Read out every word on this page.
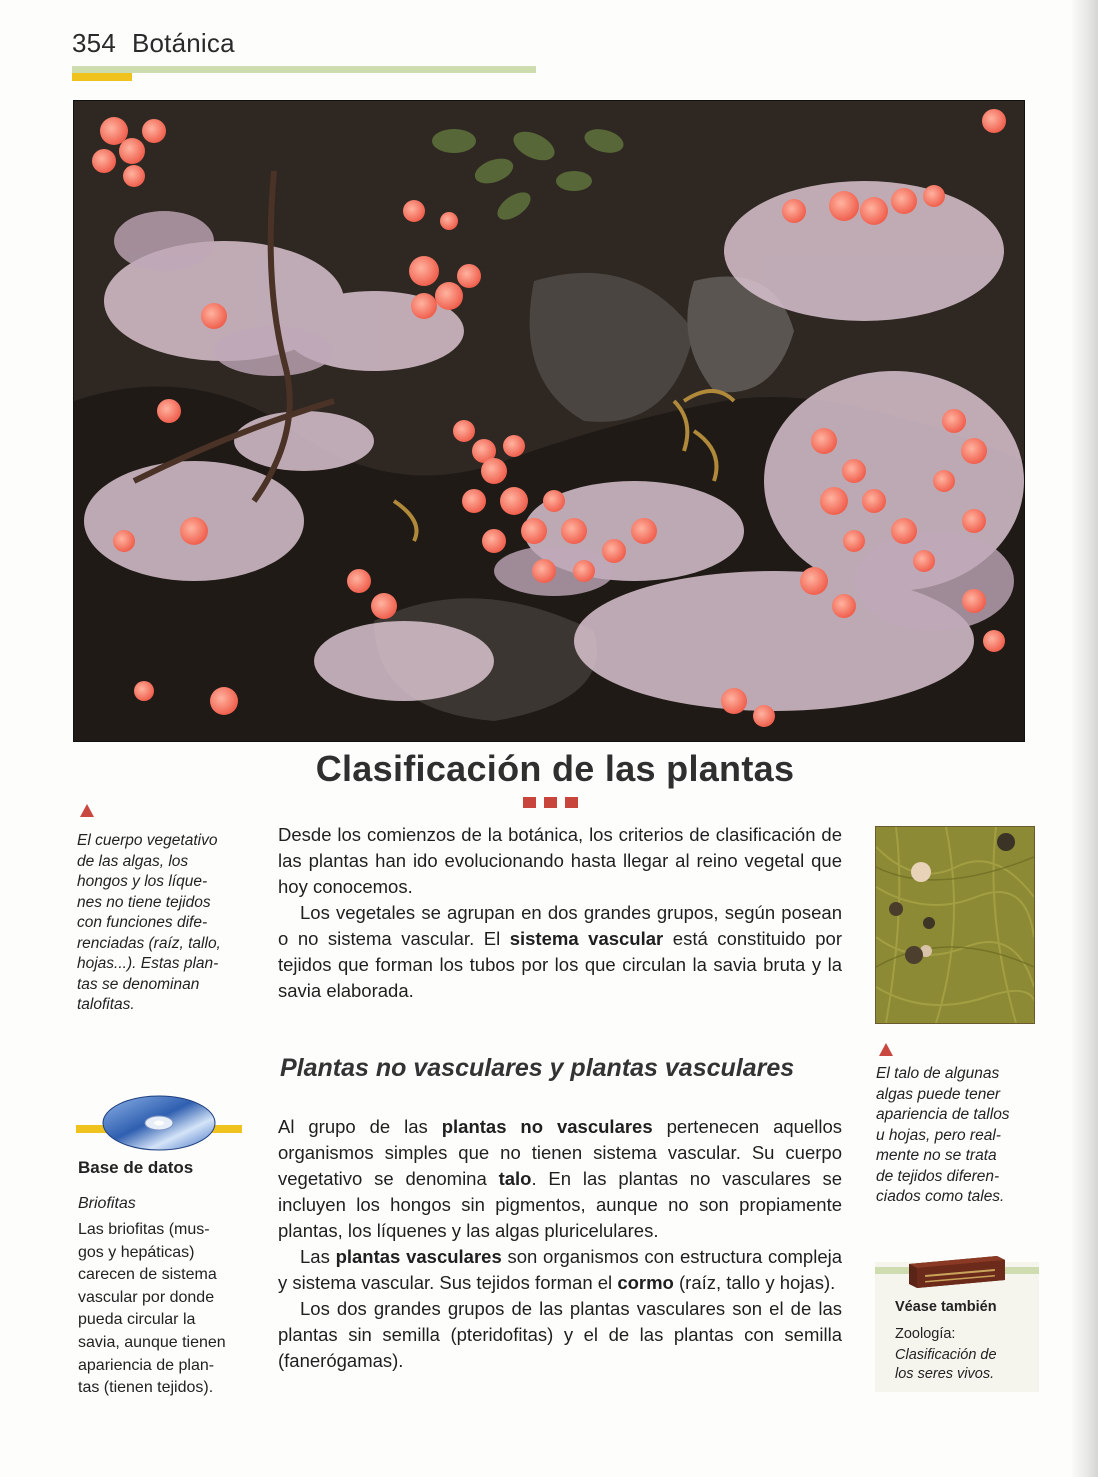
354 Botánica
Clasificación de las plantas
El cuerpo vegetativo
de las algas, los
hongos y los líque-
nes no tiene tejidos
con funciones dife-
renciadas (raíz, tallo,
hojas...). Estas plan-
tas se denominan
talofitas.

Desde los comienzos de la botánica, los criterios de clasificación de las plantas han ido evolucionando hasta llegar al reino vegetal que hoy conocemos.

Los vegetales se agrupan en dos grandes grupos, según posean o no sistema vascular. El sistema vascular está constituido por tejidos que forman los tubos por los que circulan la savia bruta y la savia elaborada.

El talo de algunas
algas puede tener
apariencia de tallos
u hojas, pero real-
mente no se trata
de tejidos diferen-
ciados como tales.
Plantas no vasculares y plantas vasculares

Al grupo de las plantas no vasculares pertenecen aquellos organismos simples que no tienen sistema vascular. Su cuerpo vegetativo se denomina talo. En las plantas no vasculares se incluyen los hongos sin pigmentos, aunque no son propiamente plantas, los líquenes y las algas pluricelulares.

Las plantas vasculares son organismos con estructura compleja y sistema vascular. Sus tejidos forman el cormo (raíz, tallo y hojas).

Los dos grandes grupos de las plantas vasculares son el de las plantas sin semilla (pteridofitas) y el de las plantas con semilla (fanerógamas).

Base de datos
Briofitas
Las briofitas (mus-
gos y hepáticas)
carecen de sistema
vascular por donde
pueda circular la
savia, aunque tienen
apariencia de plan-
tas (tienen tejidos).
Véase también
Zoología:
Clasificación de
los seres vivos.
